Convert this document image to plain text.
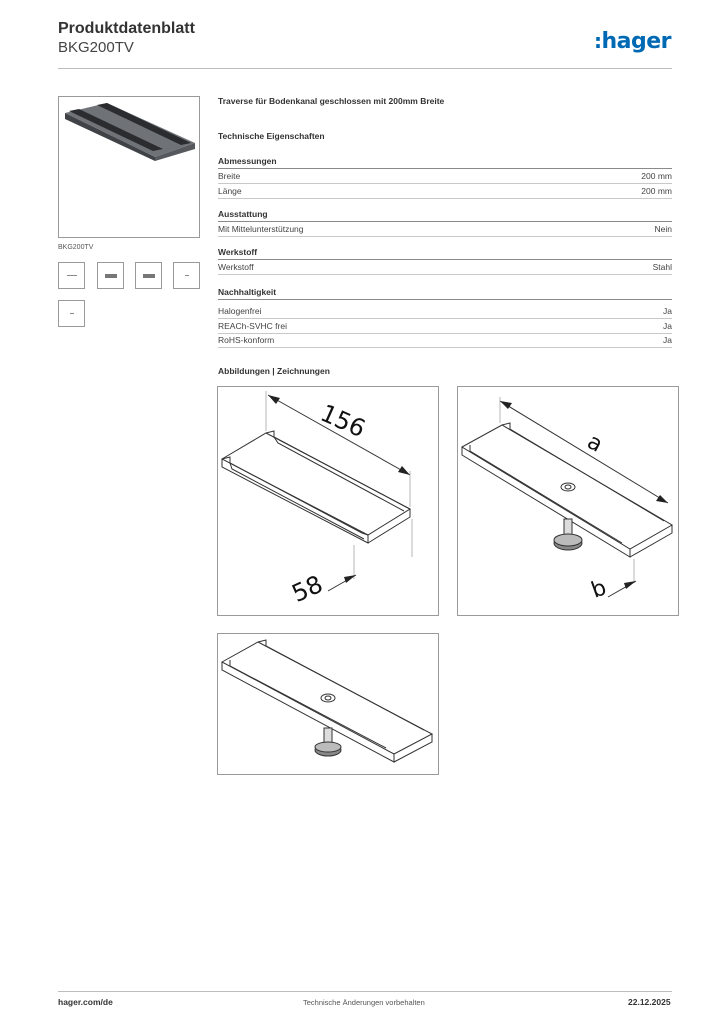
Produktdatenblatt
BKG200TV	:hager
BKG200TV
Traverse für Bodenkanal geschlossen mit 200mm Breite
Technische Eigenschaften
Abmessungen
Breite	200 mm
Länge	200 mm
Ausstattung
Mit Mittelunterstützung	Nein
Werkstoff
Werkstoff	Stahl
Nachhaltigkeit
Halogenfrei	Ja
REACh-SVHC frei	Ja
RoHS-konform	Ja
Abbildungen | Zeichnungen
156
58
a
b
hager.com/de	Technische Änderungen vorbehalten	22.12.2025
